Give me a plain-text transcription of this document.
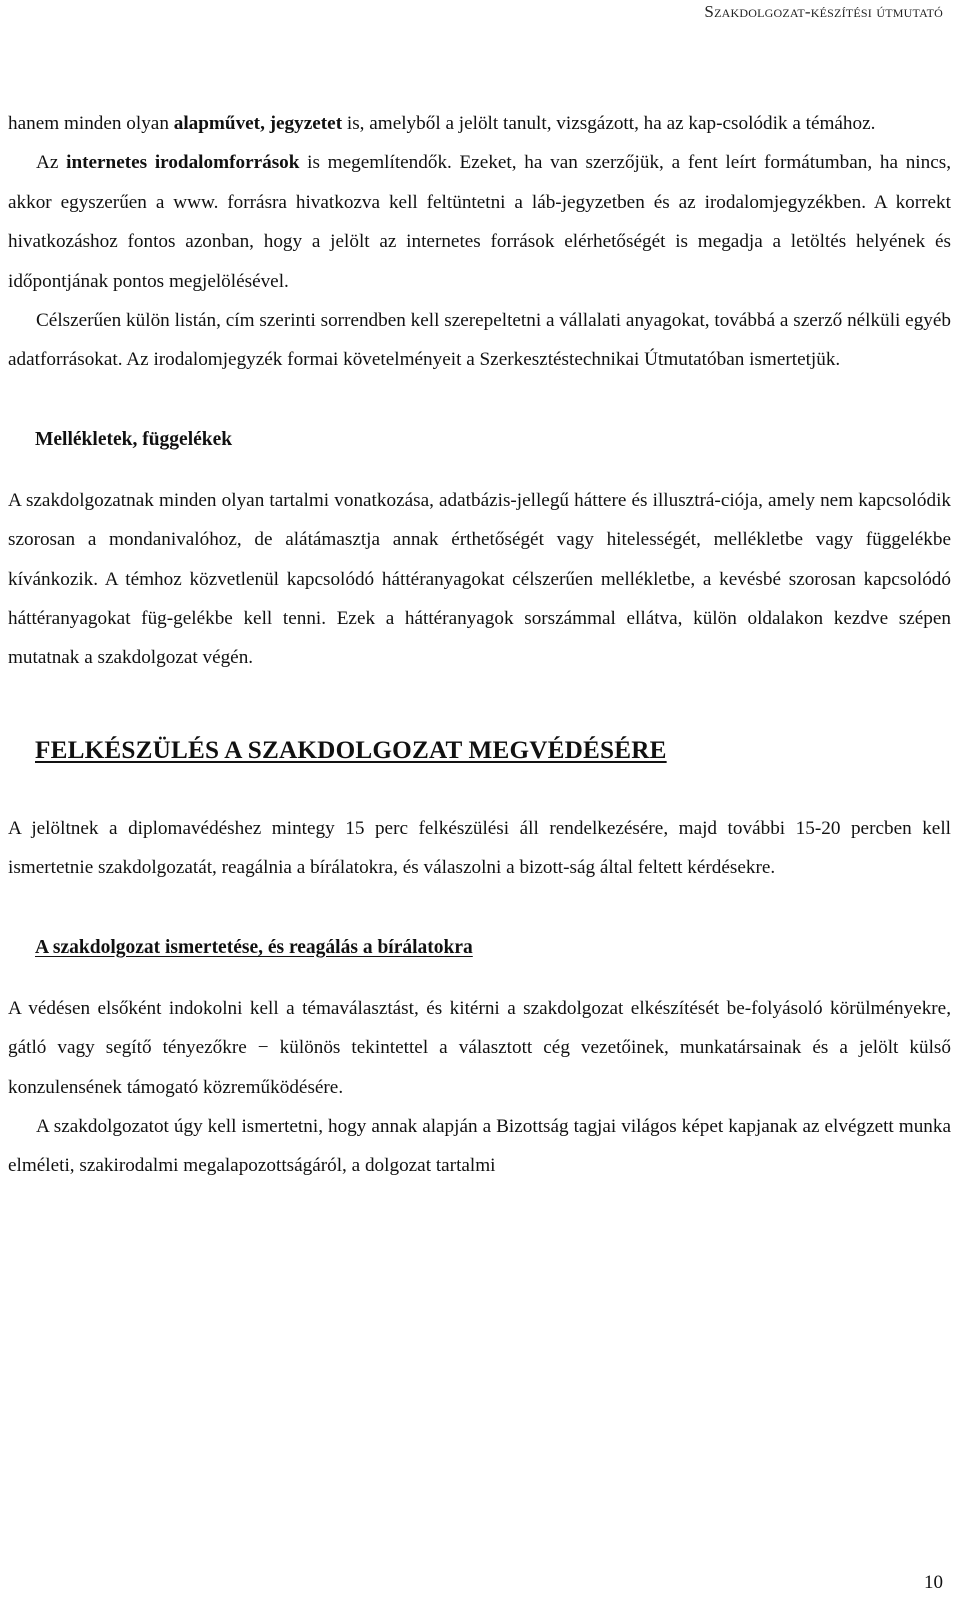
Szakdolgozat-készítési útmutató

hanem minden olyan alapművet, jegyzetet is, amelyből a jelölt tanult, vizsgázott, ha az kap-csolódik a témához.

Az internetes irodalomforrások is megemlítendők. Ezeket, ha van szerzőjük, a fent leírt formátumban, ha nincs, akkor egyszerűen a www. forrásra hivatkozva kell feltüntetni a láb-jegyzetben és az irodalomjegyzékben. A korrekt hivatkozáshoz fontos azonban, hogy a jelölt az internetes források elérhetőségét is megadja a letöltés helyének és időpontjának pontos megjelölésével.

Célszerűen külön listán, cím szerinti sorrendben kell szerepeltetni a vállalati anyagokat, továbbá a szerző nélküli egyéb adatforrásokat. Az irodalomjegyzék formai követelményeit a Szerkesztéstechnikai Útmutatóban ismertetjük.

Mellékletek, függelékek

A szakdolgozatnak minden olyan tartalmi vonatkozása, adatbázis-jellegű háttere és illusztrá-ciója, amely nem kapcsolódik szorosan a mondanivalóhoz, de alátámasztja annak érthetőségét vagy hitelességét, mellékletbe vagy függelékbe kívánkozik. A témhoz közvetlenül kapcsolódó háttéranyagokat célszerűen mellékletbe, a kevésbé szorosan kapcsolódó háttéranyagokat füg-gelékbe kell tenni. Ezek a háttéranyagok sorszámmal ellátva, külön oldalakon kezdve szépen mutatnak a szakdolgozat végén.

FELKÉSZÜLÉS A SZAKDOLGOZAT MEGVÉDÉSÉRE

A jelöltnek a diplomavédéshez mintegy 15 perc felkészülési áll rendelkezésére, majd további 15-20 percben kell ismertetnie szakdolgozatát, reagálnia a bírálatokra, és válaszolni a bizott-ság által feltett kérdésekre.

A szakdolgozat ismertetése, és reagálás a bírálatokra

A védésen elsőként indokolni kell a témaválasztást, és kitérni a szakdolgozat elkészítését be-folyásoló körülményekre, gátló vagy segítő tényezőkre − különös tekintettel a választott cég vezetőinek, munkatársainak és a jelölt külső konzulensének támogató közreműködésére.

A szakdolgozatot úgy kell ismertetni, hogy annak alapján a Bizottság tagjai világos képet kapjanak az elvégzett munka elméleti, szakirodalmi megalapozottságáról, a dolgozat tartalmi

10
